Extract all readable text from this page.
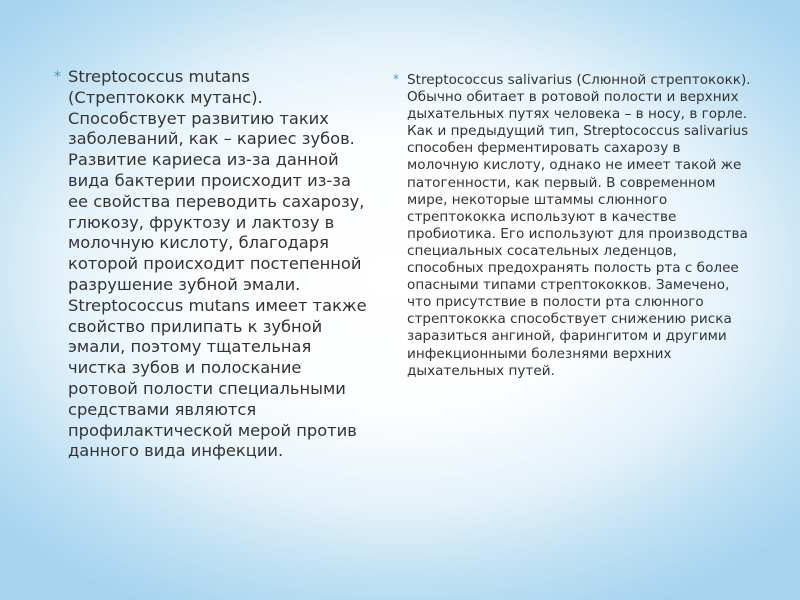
* Streptococcus mutans (Стрептококк мутанс). Способствует развитию таких заболеваний, как – кариес зубов. Развитие кариеса из-за данной вида бактерии происходит из-за ее свойства переводить сахарозу, глюкозу, фруктозу и лактозу в молочную кислоту, благодаря которой происходит постепенной разрушение зубной эмали. Streptococcus mutans имеет также свойство прилипать к зубной эмали, поэтому тщательная чистка зубов и полоскание ротовой полости специальными средствами являются профилактической мерой против данного вида инфекции.

* Streptococcus salivarius (Слюнной стрептококк). Обычно обитает в ротовой полости и верхних дыхательных путях человека – в носу, в горле. Как и предыдущий тип, Streptococcus salivarius способен ферментировать сахарозу в молочную кислоту, однако не имеет такой же патогенности, как первый. В современном мире, некоторые штаммы слюнного стрептококка используют в качестве пробиотика. Его используют для производства специальных сосательных леденцов, способных предохранять полость рта с более опасными типами стрептококков. Замечено, что присутствие в полости рта слюнного стрептококка способствует снижению риска заразиться ангиной, фарингитом и другими инфекционными болезнями верхних дыхательных путей.
